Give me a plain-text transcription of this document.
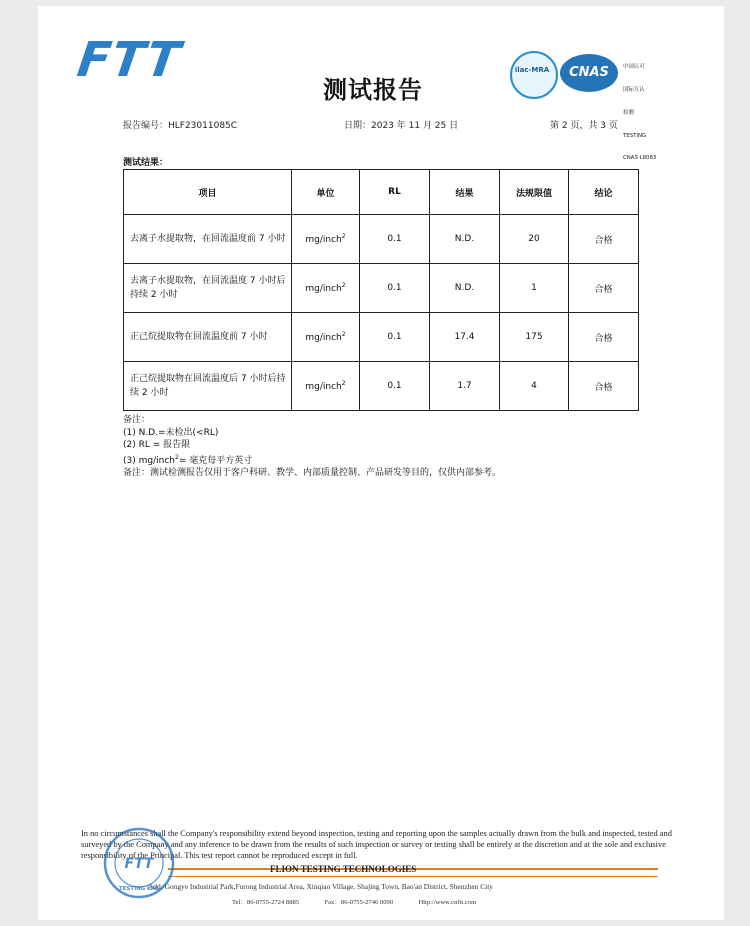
FTT
测试报告
ilac-MRA	CNAS

	中国认可

国际互认

检测

TESTING

CNAS L8083

报告编号：HLF23011085C	日期：2023 年 11 月 25 日	第 2 页，共 3 页
测试结果：
项目	单位	RL	结果	法规限值	结论
去离子水提取物，在回流温度前 7 小时	mg/inch$^2$	0.1	N.D.	20	合格
去离子水提取物，在回流温度 7 小时后持续 2 小时	mg/inch$^2$	0.1	N.D.	1	合格
正己烷提取物在回流温度前 7 小时	mg/inch$^2$	0.1	17.4	175	合格
正己烷提取物在回流温度后 7 小时后持续 2 小时	mg/inch$^2$	0.1	1.7	4	合格
备注：
(1) N.D.=未检出(<RL)
(2) RL = 报告限
(3) mg/inch$^2$= 毫克每平方英寸
备注：测试检测报告仅用于客户科研、教学、内部质量控制、产品研发等目的，仅供内部参考。
In no circumstances shall the Company's responsibility extend beyond inspection, testing and reporting upon the samples actually drawn from the bulk and inspected, tested and surveyed by the Company and any inference to be drawn from the results of such inspection or survey or testing shall be entirely at the discretion and at the sole and exclusive responsibility of the Principal. This test report cannot be reproduced except in full.
FLION TESTING TECHNOLOGIES
Add: Gongye Industrial Park,Furong Industrial Area, Xinqiao Village, Shajing Town, Bao'an District, Shenzhen City
Tel：86-0755-2724 8885	Fax：86-0755-2746 0090	Http://www.cnftt.com
FTT
TESTING LAB
